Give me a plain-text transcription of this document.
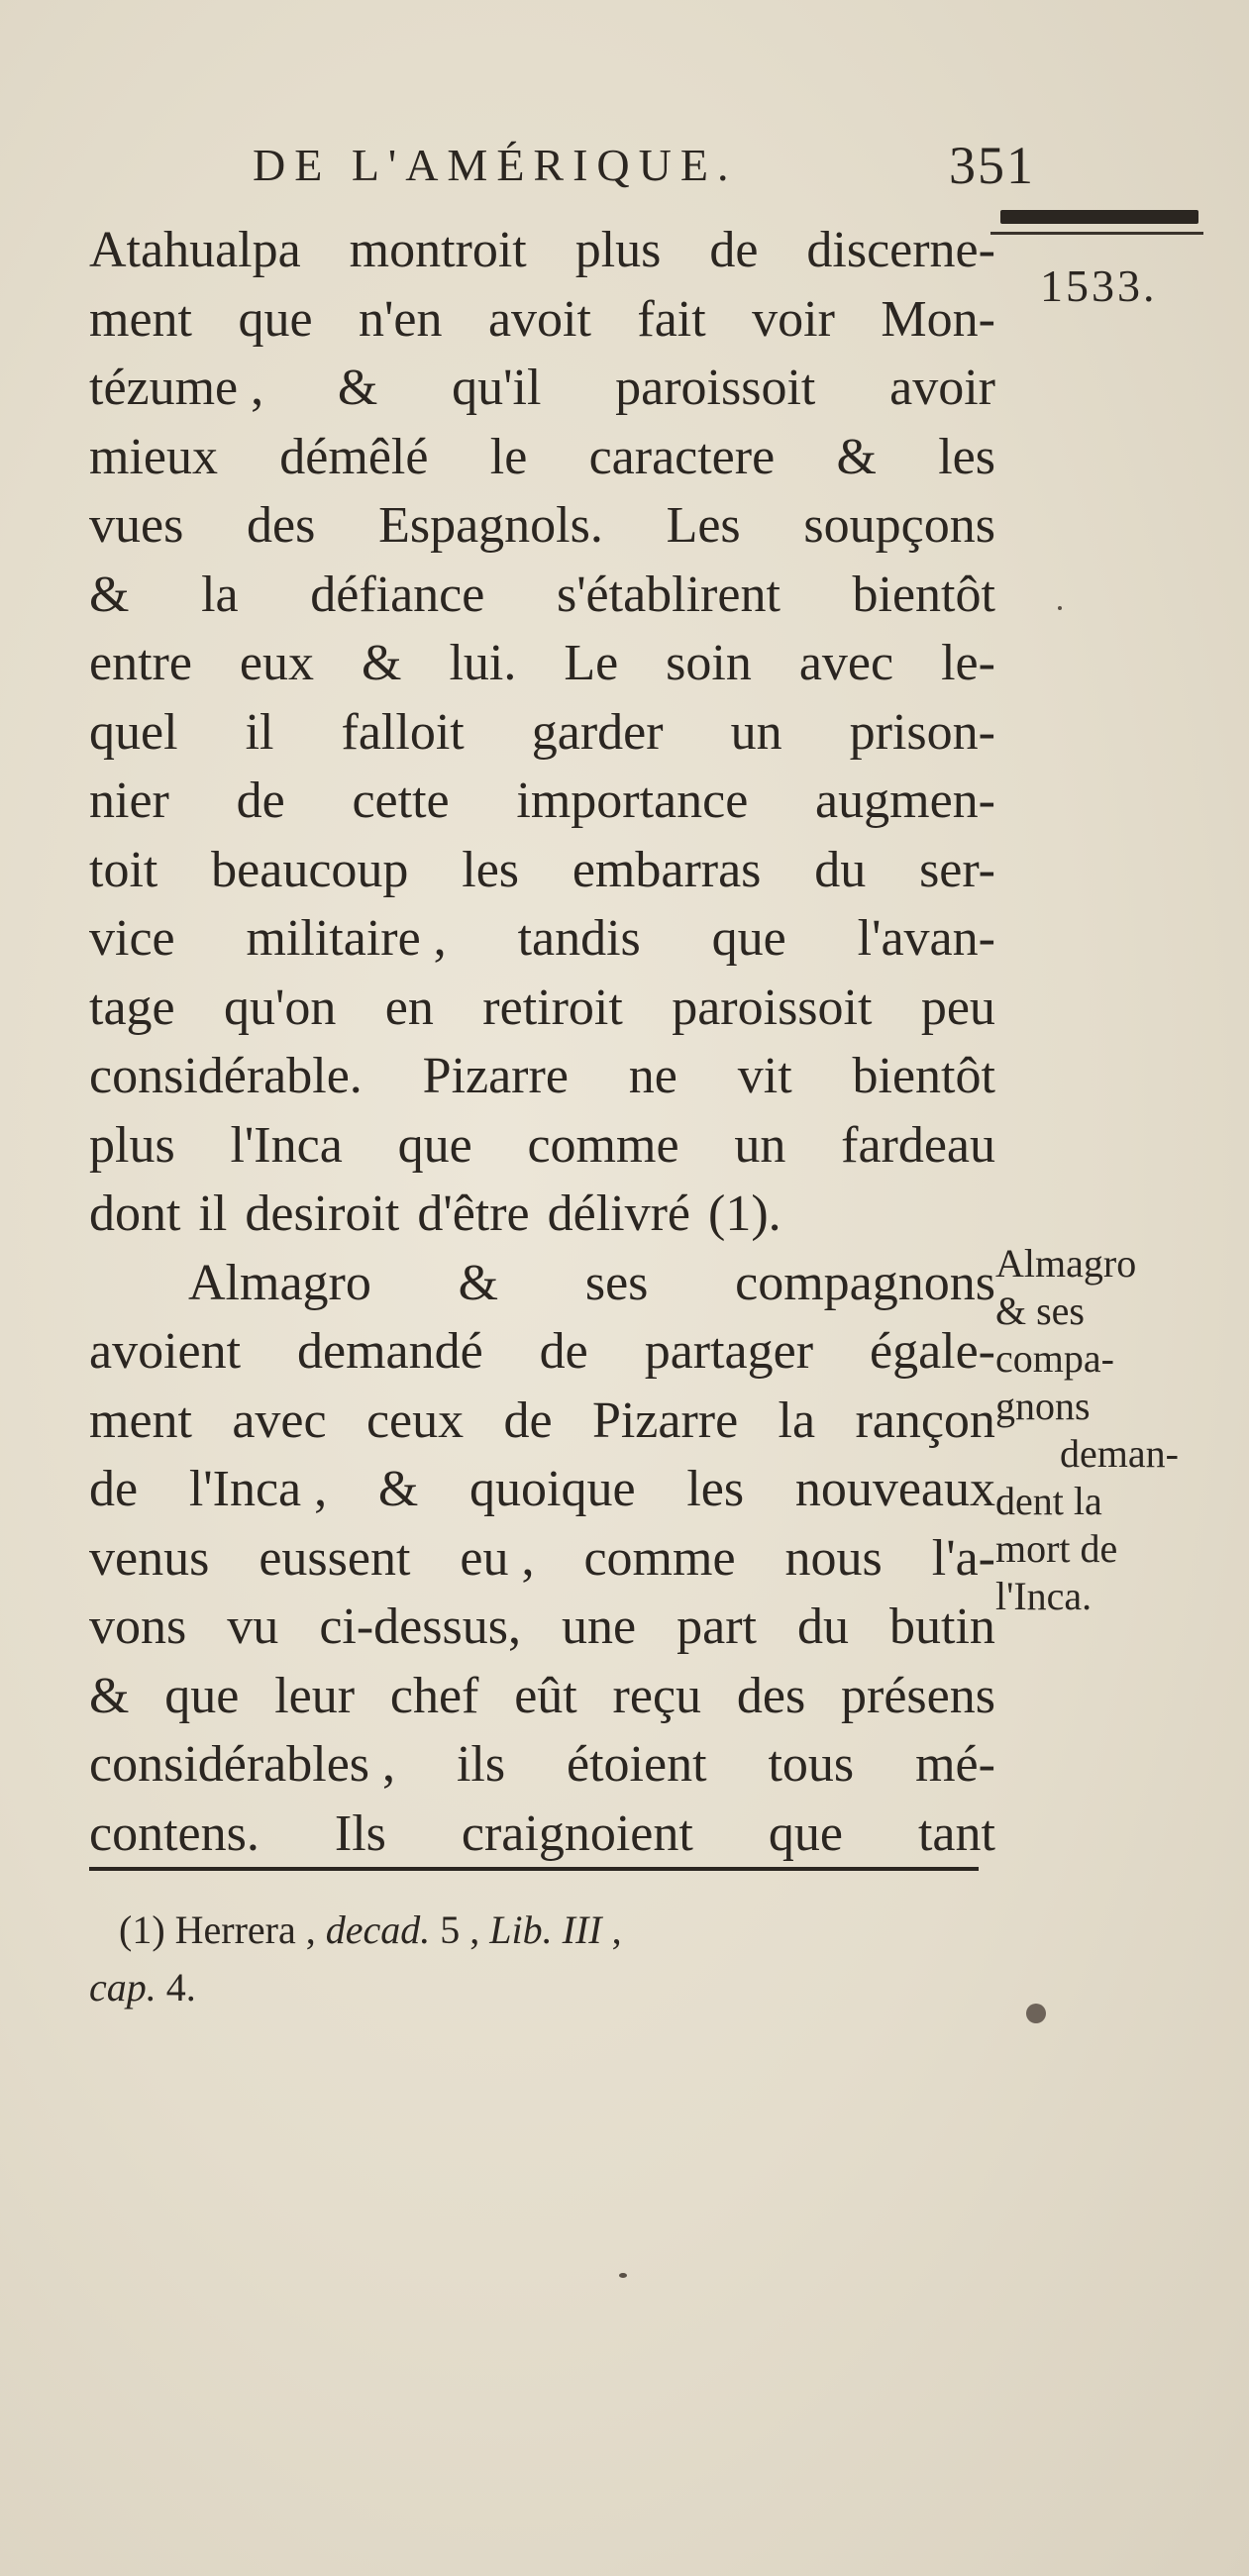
DE L'AMÉRIQUE.	351
1533.
Atahualpa montroit plus de discerne-
ment que n'en avoit fait voir Mon-
tézume , & qu'il paroissoit avoir
mieux démêlé le caractere & les
vues des Espagnols. Les soupçons
& la défiance s'établirent bientôt
entre eux & lui. Le soin avec le-
quel il falloit garder un prison-
nier de cette importance augmen-
toit beaucoup les embarras du ser-
vice militaire , tandis que l'avan-
tage qu'on en retiroit paroissoit peu
considérable. Pizarre ne vit bientôt
plus l'Inca que comme un fardeau
dont il desiroit d'être délivré (1).
Almagro & ses compagnons
avoient demandé de partager égale-
ment avec ceux de Pizarre la rançon
de l'Inca , & quoique les nouveaux
venus eussent eu , comme nous l'a-
vons vu ci-dessus, une part du butin
& que leur chef eût reçu des présens
considérables , ils étoient tous mé-
contens. Ils craignoient que tant
Almagro
& ses
compa-
gnons
deman-
dent la
mort de
l'Inca.
(1) Herrera , decad. 5 , Lib. III ,
cap. 4.
